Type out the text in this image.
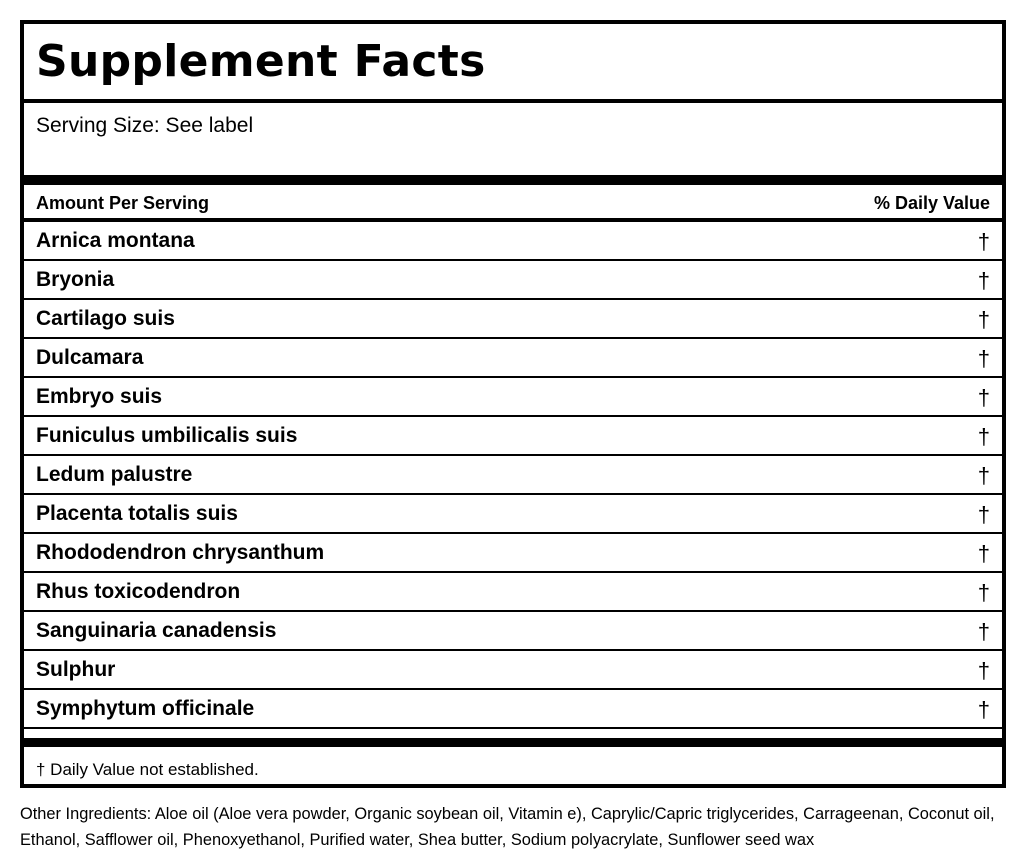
Supplement Facts
Serving Size: See label
Amount Per Serving	% Daily Value
Arnica montana	†
Bryonia	†
Cartilago suis	†
Dulcamara	†
Embryo suis	†
Funiculus umbilicalis suis	†
Ledum palustre	†
Placenta totalis suis	†
Rhododendron chrysanthum	†
Rhus toxicodendron	†
Sanguinaria canadensis	†
Sulphur	†
Symphytum officinale	†
† Daily Value not established.
Other Ingredients: Aloe oil (Aloe vera powder, Organic soybean oil, Vitamin e), Caprylic/Capric triglycerides, Carrageenan, Coconut oil, Ethanol, Safflower oil, Phenoxyethanol, Purified water, Shea butter, Sodium polyacrylate, Sunflower seed wax
